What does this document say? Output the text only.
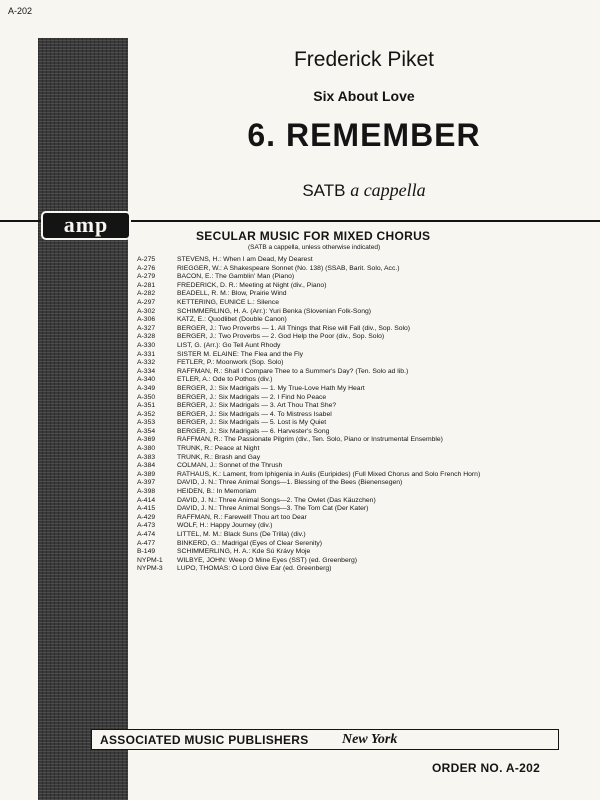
A-202
amp
Frederick Piket
Six About Love
6. REMEMBER
SATB a cappella
SECULAR MUSIC FOR MIXED CHORUS
(SATB a cappella, unless otherwise indicated)
A-275	STEVENS, H.: When I am Dead, My Dearest
A-276	RIEGGER, W.: A Shakespeare Sonnet (No. 138) (SSAB, Barit. Solo, Acc.)
A-279	BACON, E.: The Gamblin' Man (Piano)
A-281	FREDERICK, D. R.: Meeting at Night (div., Piano)
A-282	BEADELL, R. M.: Blow, Prairie Wind
A-297	KETTERING, EUNICE L.: Silence
A-302	SCHIMMERLING, H. A. (Arr.): Yuri Benka (Slovenian Folk-Song)
A-306	KATZ, E.: Quodlibet (Double Canon)
A-327	BERGER, J.: Two Proverbs — 1. All Things that Rise will Fall (div., Sop. Solo)
A-328	BERGER, J.: Two Proverbs — 2. God Help the Poor (div., Sop. Solo)
A-330	LIST, G. (Arr.): Go Tell Aunt Rhody
A-331	SISTER M. ELAINE: The Flea and the Fly
A-332	FETLER, P.: Moonwork (Sop. Solo)
A-334	RAFFMAN, R.: Shall I Compare Thee to a Summer's Day? (Ten. Solo ad lib.)
A-340	ETLER, A.: Ode to Pothos (div.)
A-349	BERGER, J.: Six Madrigals — 1. My True-Love Hath My Heart
A-350	BERGER, J.: Six Madrigals — 2. I Find No Peace
A-351	BERGER, J.: Six Madrigals — 3. Art Thou That She?
A-352	BERGER, J.: Six Madrigals — 4. To Mistress Isabel
A-353	BERGER, J.: Six Madrigals — 5. Lost is My Quiet
A-354	BERGER, J.: Six Madrigals — 6. Harvester's Song
A-369	RAFFMAN, R.: The Passionate Pilgrim (div., Ten. Solo, Piano or Instrumental Ensemble)
A-380	TRUNK, R.: Peace at Night
A-383	TRUNK, R.: Brash and Gay
A-384	COLMAN, J.: Sonnet of the Thrush
A-389	RATHAUS, K.: Lament, from Iphigenia in Aulis (Euripides) (Full Mixed Chorus and Solo French Horn)
A-397	DAVID, J. N.: Three Animal Songs—1. Blessing of the Bees (Bienensegen)
A-398	HEIDEN, B.: In Memoriam
A-414	DAVID, J. N.: Three Animal Songs—2. The Owlet (Das Käuzchen)
A-415	DAVID, J. N.: Three Animal Songs—3. The Tom Cat (Der Kater)
A-429	RAFFMAN, R.: Farewell! Thou art too Dear
A-473	WOLF, H.: Happy Journey (div.)
A-474	LITTEL, M. M.: Black Suns (De Trilla) (div.)
A-477	BINKERD, G.: Madrigal (Eyes of Clear Serenity)
B-149	SCHIMMERLING, H. A.: Kde Sú Krávy Moje
NYPM-1	WILBYE, JOHN: Weep O Mine Eyes (SST) (ed. Greenberg)
NYPM-3	LUPO, THOMAS: O Lord Give Ear (ed. Greenberg)
ASSOCIATED MUSIC PUBLISHERS New York
ORDER NO. A-202
